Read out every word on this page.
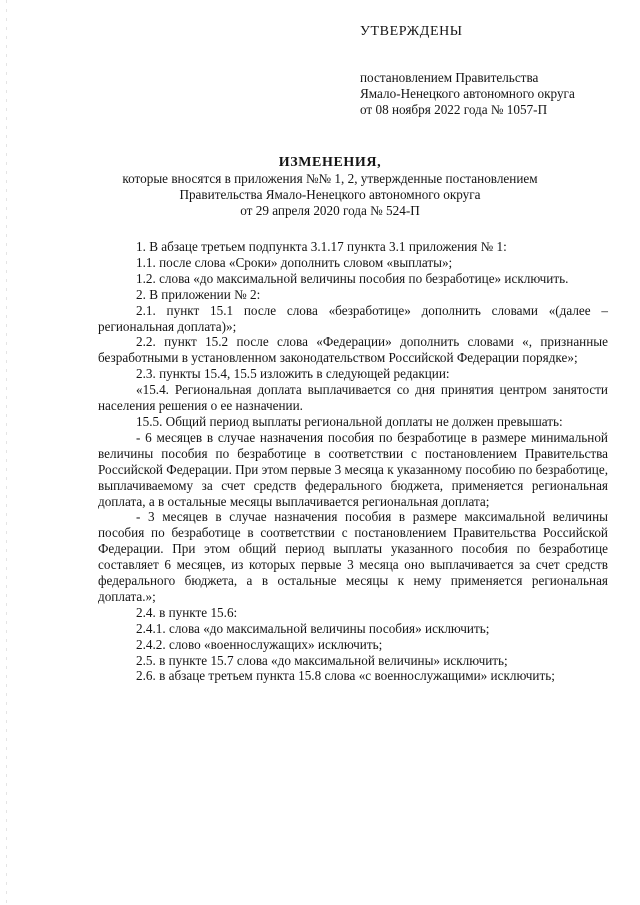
УТВЕРЖДЕНЫ
постановлением Правительства
Ямало-Ненецкого автономного округа
от 08 ноября 2022 года № 1057-П
ИЗМЕНЕНИЯ,
которые вносятся в приложения №№ 1, 2, утвержденные постановлением
Правительства Ямало-Ненецкого автономного округа
от 29 апреля 2020 года № 524-П

1. В абзаце третьем подпункта 3.1.17 пункта 3.1 приложения № 1:

1.1. после слова «Сроки» дополнить словом «выплаты»;

1.2. слова «до максимальной величины пособия по безработице» исключить.

2. В приложении № 2:

2.1. пункт 15.1 после слова «безработице» дополнить словами «(далее – региональная доплата)»;

2.2. пункт 15.2 после слова «Федерации» дополнить словами «, признанные безработными в установленном законодательством Российской Федерации порядке»;

2.3. пункты 15.4, 15.5 изложить в следующей редакции:

«15.4. Региональная доплата выплачивается со дня принятия центром занятости населения решения о ее назначении.

15.5. Общий период выплаты региональной доплаты не должен превышать:

- 6 месяцев в случае назначения пособия по безработице в размере минимальной величины пособия по безработице в соответствии с постановлением Правительства Российской Федерации. При этом первые 3 месяца к указанному пособию по безработице, выплачиваемому за счет средств федерального бюджета, применяется региональная доплата, а в остальные месяцы выплачивается региональная доплата;

- 3 месяцев в случае назначения пособия в размере максимальной величины пособия по безработице в соответствии с постановлением Правительства Российской Федерации. При этом общий период выплаты указанного пособия по безработице составляет 6 месяцев, из которых первые 3 месяца оно выплачивается за счет средств федерального бюджета, а в остальные месяцы к нему применяется региональная доплата.»;

2.4. в пункте 15.6:

2.4.1. слова «до максимальной величины пособия» исключить;

2.4.2. слово «военнослужащих» исключить;

2.5. в пункте 15.7 слова «до максимальной величины» исключить;

2.6. в абзаце третьем пункта 15.8 слова «с военнослужащими» исключить;
